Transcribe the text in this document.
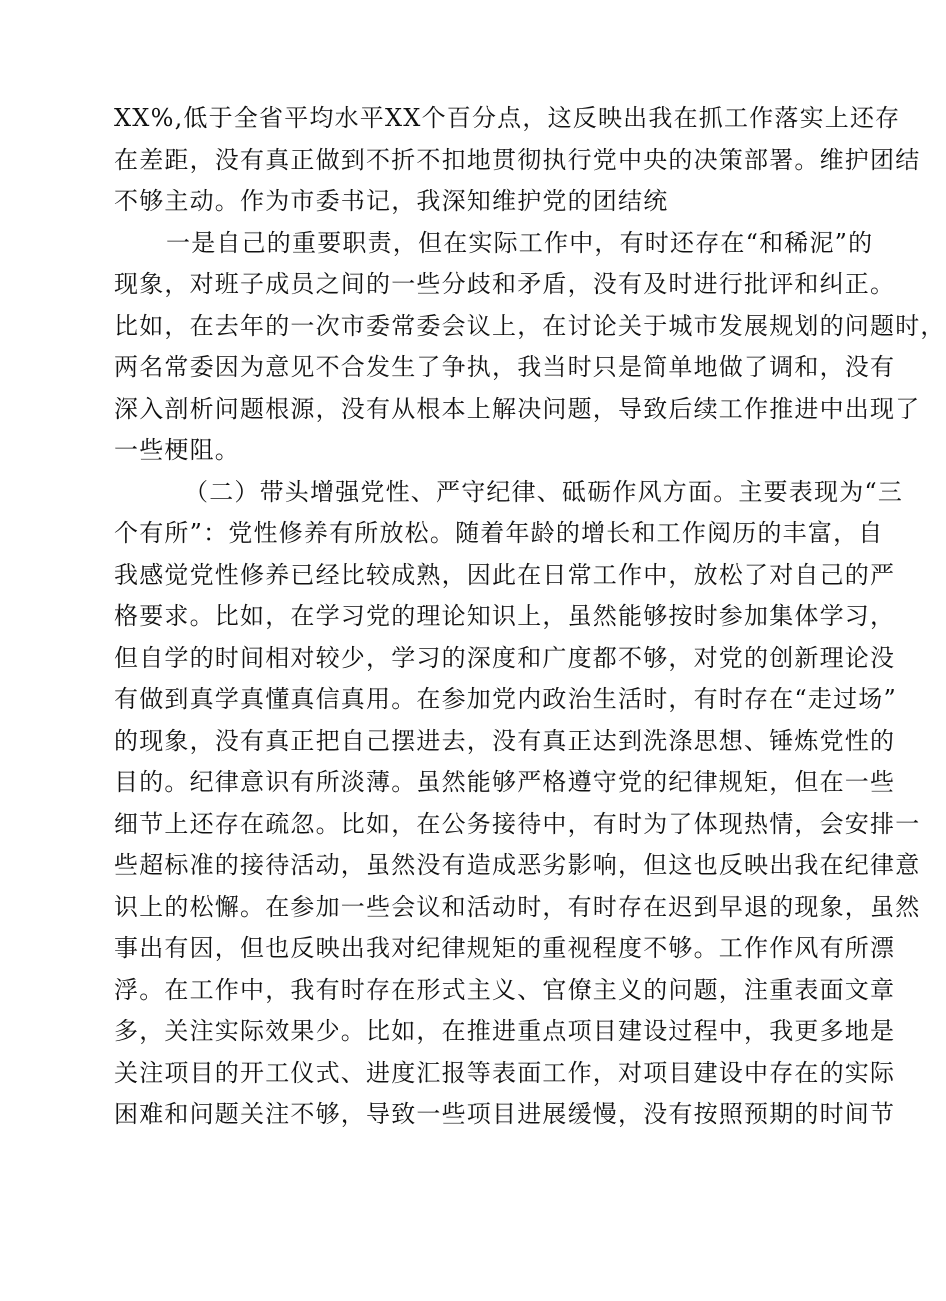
XX%,低于全省平均水平XX个百分点，这反映出我在抓工作落实上还存
在差距，没有真正做到不折不扣地贯彻执行党中央的决策部署。维护团结
不够主动。作为市委书记，我深知维护党的团结统
一是自己的重要职责，但在实际工作中，有时还存在“和稀泥”的
现象，对班子成员之间的一些分歧和矛盾，没有及时进行批评和纠正。
比如，在去年的一次市委常委会议上，在讨论关于城市发展规划的问题时，
两名常委因为意见不合发生了争执，我当时只是简单地做了调和，没有
深入剖析问题根源，没有从根本上解决问题，导致后续工作推进中出现了
一些梗阻。
（二）带头增强党性、严守纪律、砥砺作风方面。主要表现为“三
个有所”：党性修养有所放松。随着年龄的增长和工作阅历的丰富，自
我感觉党性修养已经比较成熟，因此在日常工作中，放松了对自己的严
格要求。比如，在学习党的理论知识上，虽然能够按时参加集体学习，
但自学的时间相对较少，学习的深度和广度都不够，对党的创新理论没
有做到真学真懂真信真用。在参加党内政治生活时，有时存在“走过场”
的现象，没有真正把自己摆进去，没有真正达到洗涤思想、锤炼党性的
目的。纪律意识有所淡薄。虽然能够严格遵守党的纪律规矩，但在一些
细节上还存在疏忽。比如，在公务接待中，有时为了体现热情，会安排一
些超标准的接待活动，虽然没有造成恶劣影响，但这也反映出我在纪律意
识上的松懈。在参加一些会议和活动时，有时存在迟到早退的现象，虽然
事出有因，但也反映出我对纪律规矩的重视程度不够。工作作风有所漂
浮。在工作中，我有时存在形式主义、官僚主义的问题，注重表面文章
多，关注实际效果少。比如，在推进重点项目建设过程中，我更多地是
关注项目的开工仪式、进度汇报等表面工作，对项目建设中存在的实际
困难和问题关注不够，导致一些项目进展缓慢，没有按照预期的时间节
